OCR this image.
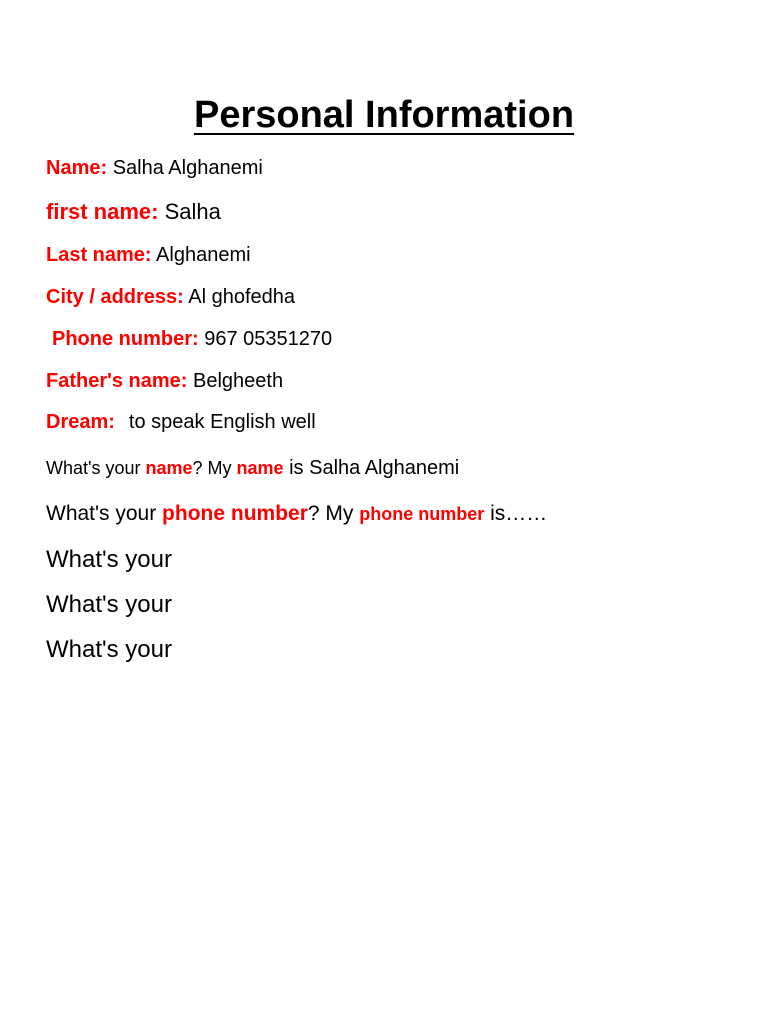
Personal Information

Name: Salha Alghanemi

first name: Salha

Last name: Alghanemi

City / address: Al ghofedha

Phone number: 967 05351270

Father's name: Belgheeth

Dream: to speak English well

What's your name? My name is Salha Alghanemi

What's your phone number? My phone number is……

What's your

What's your

What's your
